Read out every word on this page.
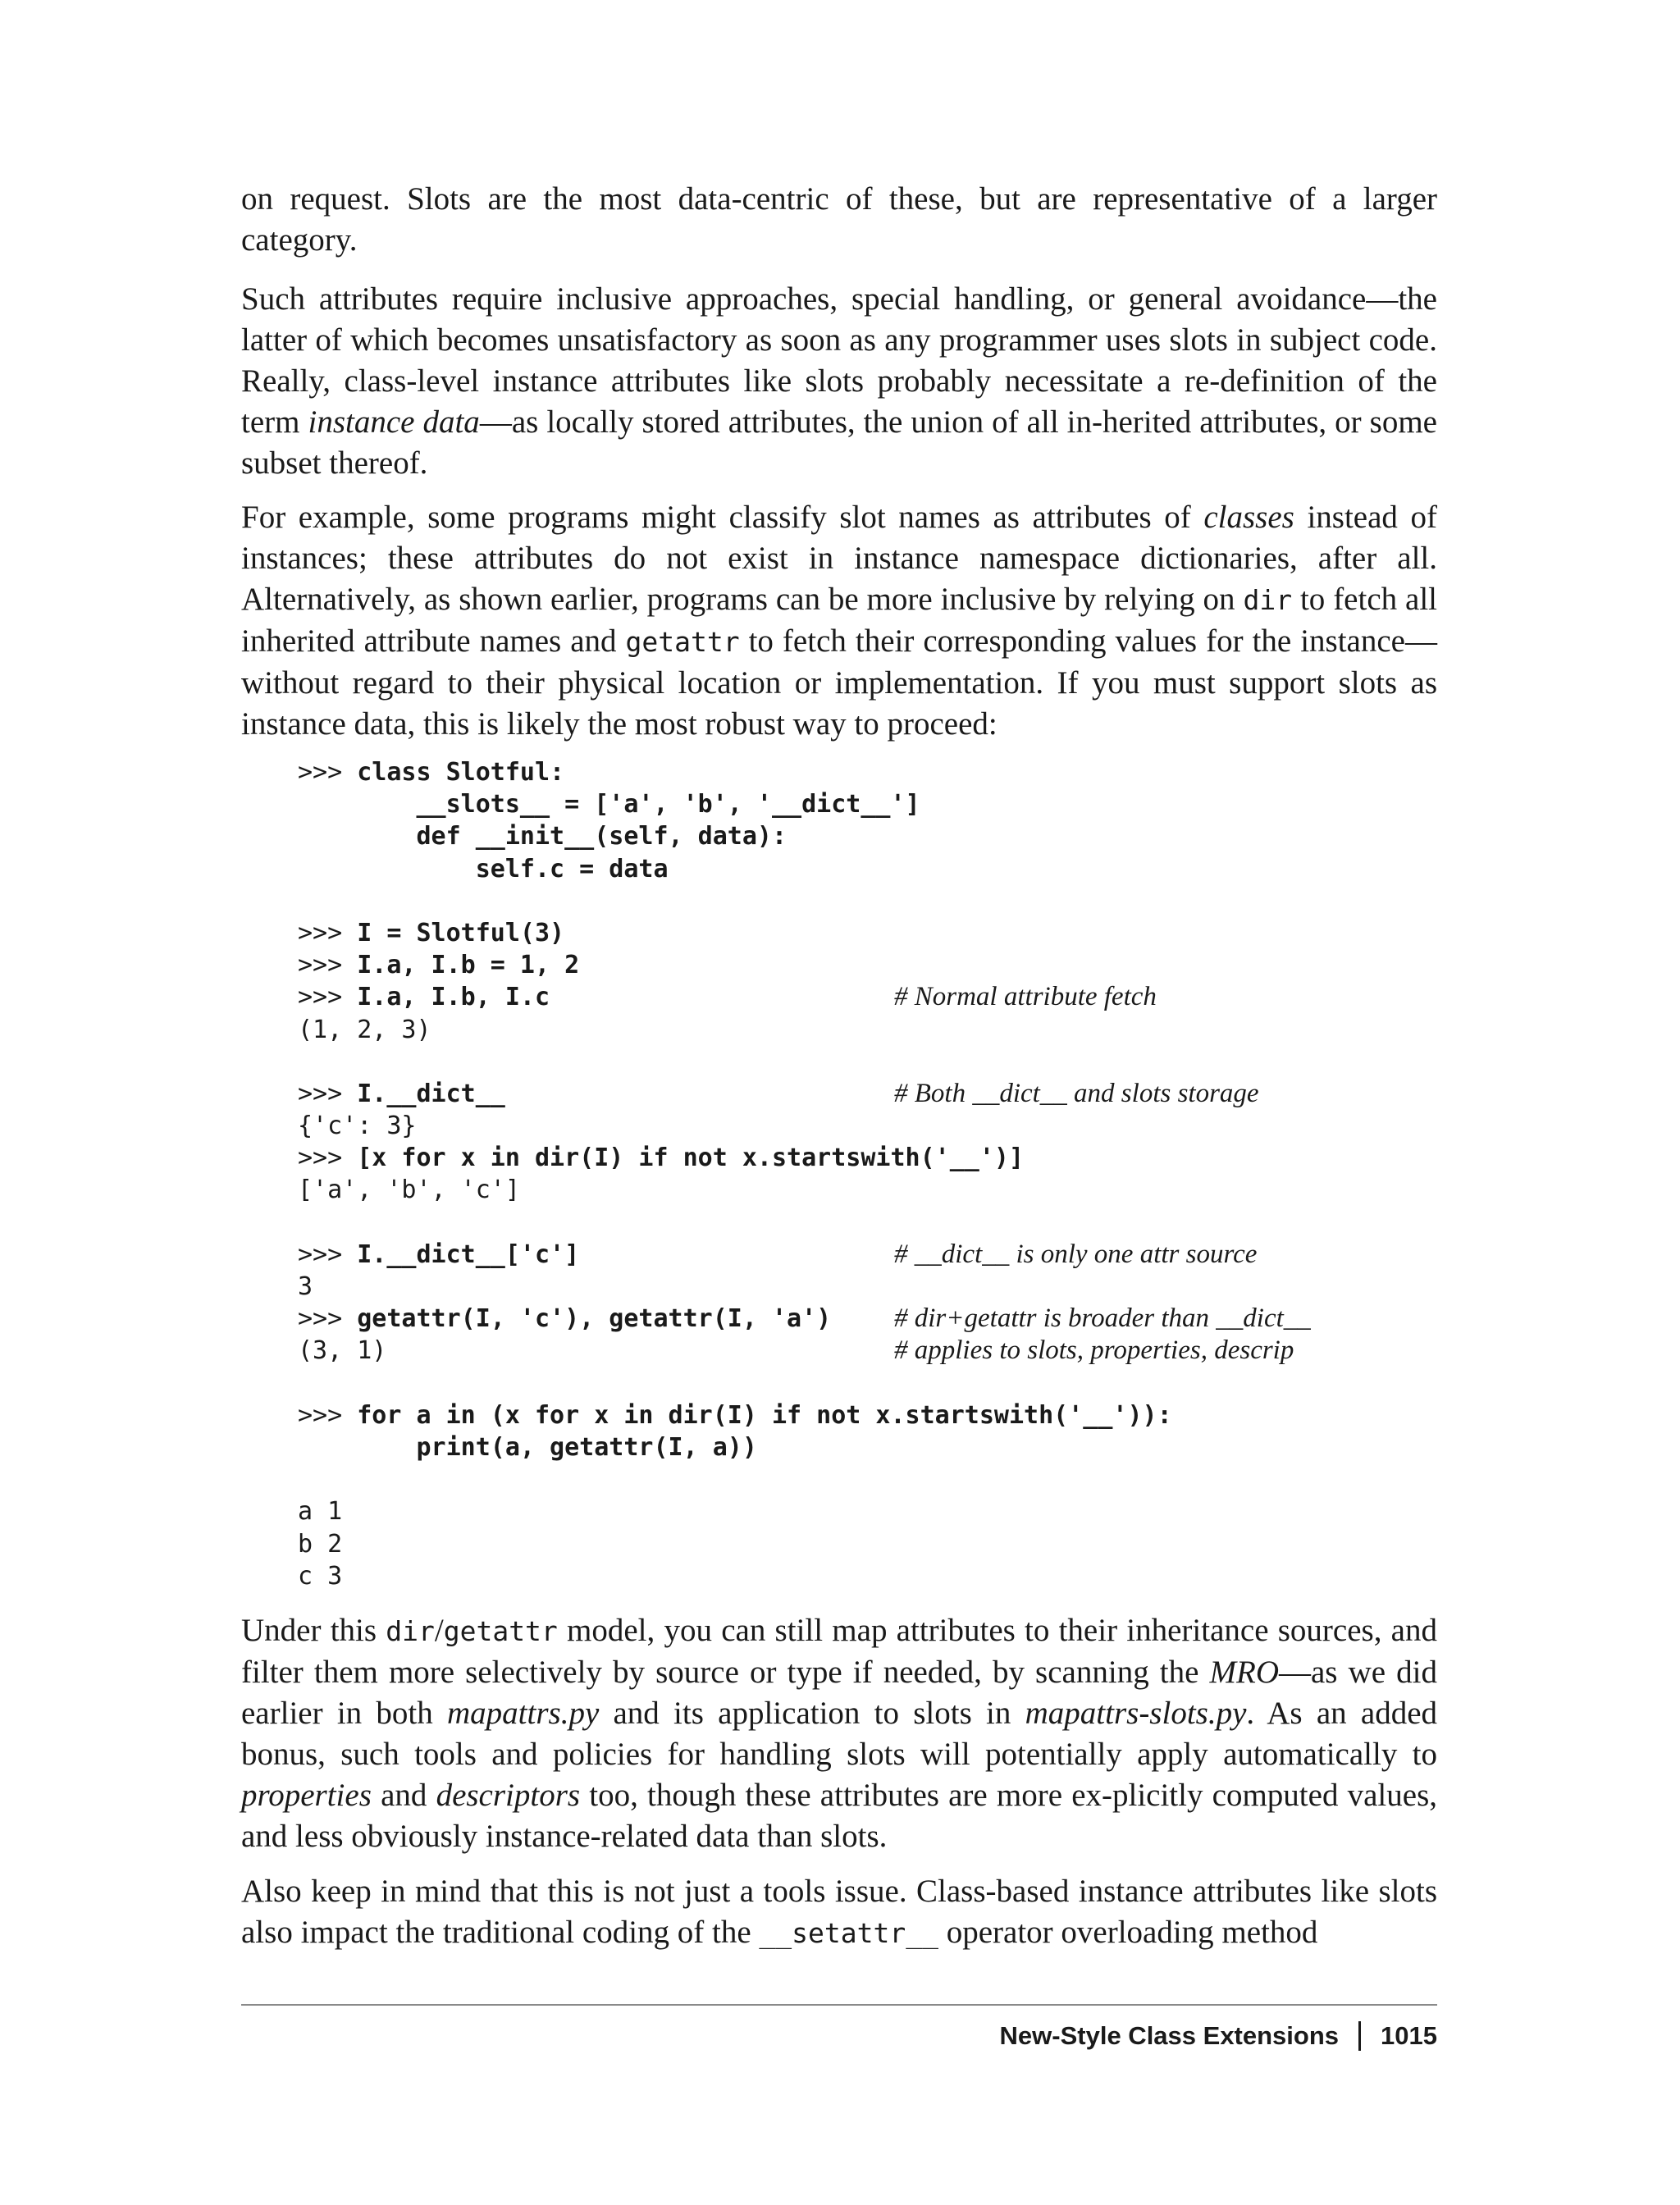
on request. Slots are the most data-centric of these, but are representative of a larger category.

Such attributes require inclusive approaches, special handling, or general avoidance—the latter of which becomes unsatisfactory as soon as any programmer uses slots in subject code. Really, class-level instance attributes like slots probably necessitate a re-definition of the term instance data—as locally stored attributes, the union of all in-herited attributes, or some subset thereof.

For example, some programs might classify slot names as attributes of classes instead of instances; these attributes do not exist in instance namespace dictionaries, after all. Alternatively, as shown earlier, programs can be more inclusive by relying on dir to fetch all inherited attribute names and getattr to fetch their corresponding values for the instance—without regard to their physical location or implementation. If you must support slots as instance data, this is likely the most robust way to proceed:

>>> class Slotful:
__slots__ = ['a', 'b', '__dict__']
def __init__(self, data):
self.c = data
>>> I = Slotful(3)
>>> I.a, I.b = 1, 2
>>> I.a, I.b, I.c	# Normal attribute fetch
(1, 2, 3)
>>> I.__dict__	# Both __dict__ and slots storage
{'c': 3}
>>> [x for x in dir(I) if not x.startswith('__')]
['a', 'b', 'c']
>>> I.__dict__['c']	# __dict__ is only one attr source
3
>>> getattr(I, 'c'), getattr(I, 'a') # dir+getattr is broader than __dict__
(3, 1)	# applies to slots, properties, descrip
>>> for a in (x for x in dir(I) if not x.startswith('__')):
print(a, getattr(I, a))
a 1
b 2
c 3

Under this dir/getattr model, you can still map attributes to their inheritance sources, and filter them more selectively by source or type if needed, by scanning the MRO—as we did earlier in both mapattrs.py and its application to slots in mapattrs-slots.py. As an added bonus, such tools and policies for handling slots will potentially apply automatically to properties and descriptors too, though these attributes are more ex-plicitly computed values, and less obviously instance-related data than slots.

Also keep in mind that this is not just a tools issue. Class-based instance attributes like slots also impact the traditional coding of the __setattr__ operator overloading method

New-Style Class Extensions 1015
